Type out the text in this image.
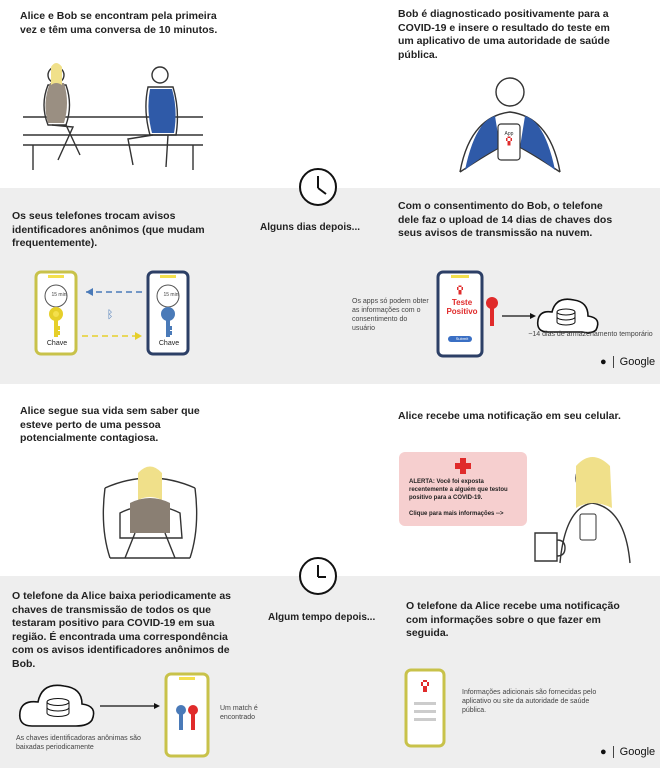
Alice e Bob se encontram pela primeira vez e têm uma conversa de 10 minutos.
Bob é diagnosticado positivamente para a COVID-19 e insere o resultado do teste em um aplicativo de uma autoridade de saúde pública.
App
Os seus telefones trocam avisos identificadores anônimos (que mudam frequentemente).
Alguns dias depois...
ᛒ
15 min	15 min
Chave	Chave
Com o consentimento do Bob, o telefone dele faz o upload de 14 dias de chaves dos seus avisos de transmissão na nuvem.
Os apps só podem obter as informações com o consentimento do usuário
Teste
Positivo
Submit
~14 dias de armazenamento temporário
● Google
Alice segue sua vida sem saber que esteve perto de uma pessoa potencialmente contagiosa.
Alice recebe uma notificação em seu celular.
ALERTA: Você foi exposta recentemente a alguém que testou positivo para a COVID-19.
Clique para mais informações -->
O telefone da Alice baixa periodicamente as chaves de transmissão de todos os que testaram positivo para COVID-19 em sua região. É encontrada uma correspondência com os avisos identificadores anônimos de Bob.
Algum tempo depois...
As chaves identificadoras anônimas são baixadas periodicamente
Um match é encontrado
O telefone da Alice recebe uma notificação com informações sobre o que fazer em seguida.
Informações adicionais são fornecidas pelo aplicativo ou site da autoridade de saúde pública.
● Google
